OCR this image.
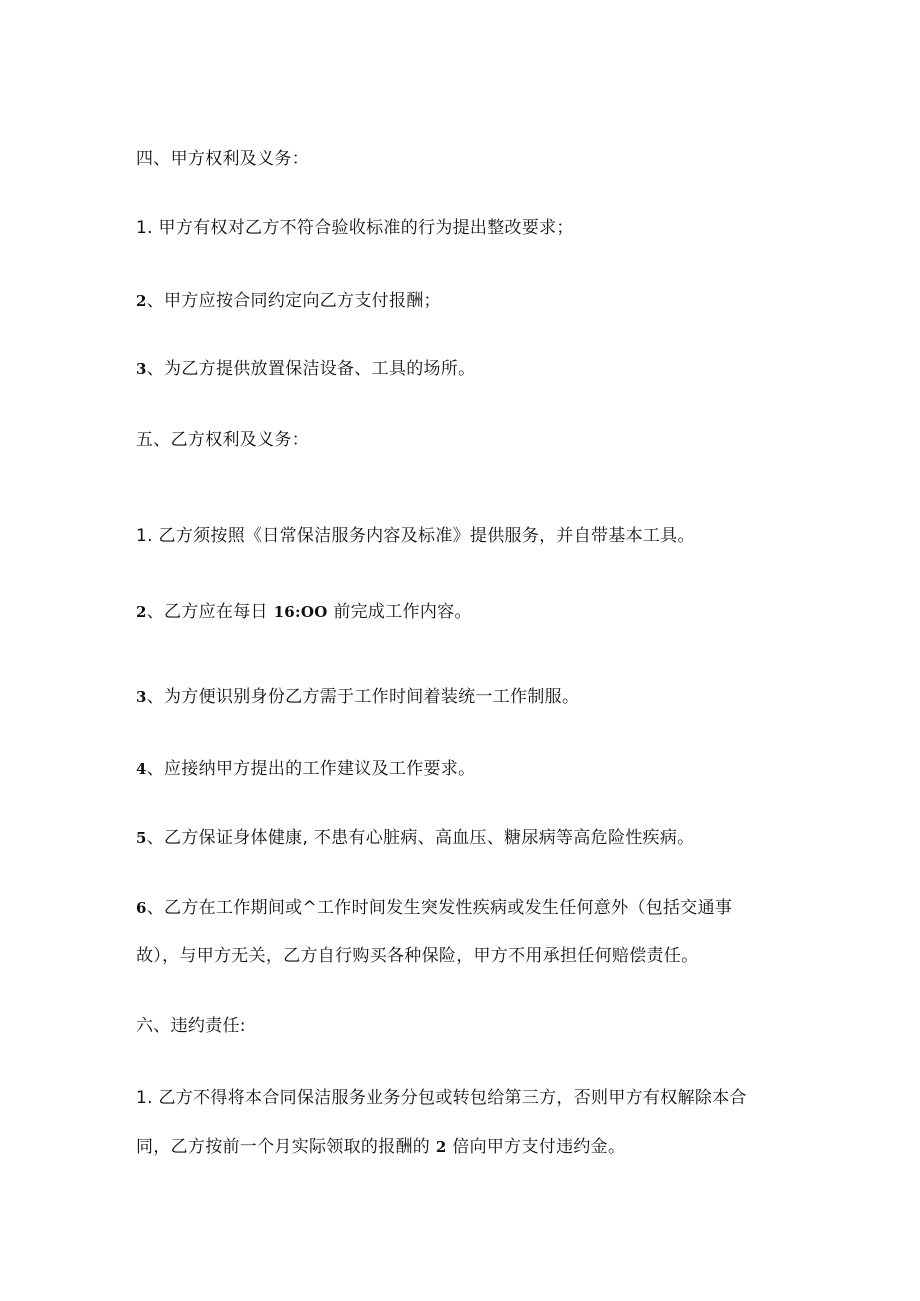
四、甲方权利及义务：
1. 甲方有权对乙方不符合验收标准的行为提出整改要求；
2、甲方应按合同约定向乙方支付报酬；
3、为乙方提供放置保洁设备、工具的场所。
五、乙方权利及义务：
1. 乙方须按照《日常保洁服务内容及标准》提供服务，并自带基本工具。
2、乙方应在每日 16:OO 前完成工作内容。
3、为方便识别身份乙方需于工作时间着装统一工作制服。
4、应接纳甲方提出的工作建议及工作要求。
5、乙方保证身体健康, 不患有心脏病、高血压、糖尿病等高危险性疾病。
6、乙方在工作期间或^工作时间发生突发性疾病或发生任何意外（包括交通事
故），与甲方无关，乙方自行购买各种保险，甲方不用承担任何赔偿责任。
六、违约责任:
1. 乙方不得将本合同保洁服务业务分包或转包给第三方，否则甲方有权解除本合
同，乙方按前一个月实际领取的报酬的 2 倍向甲方支付违约金。
